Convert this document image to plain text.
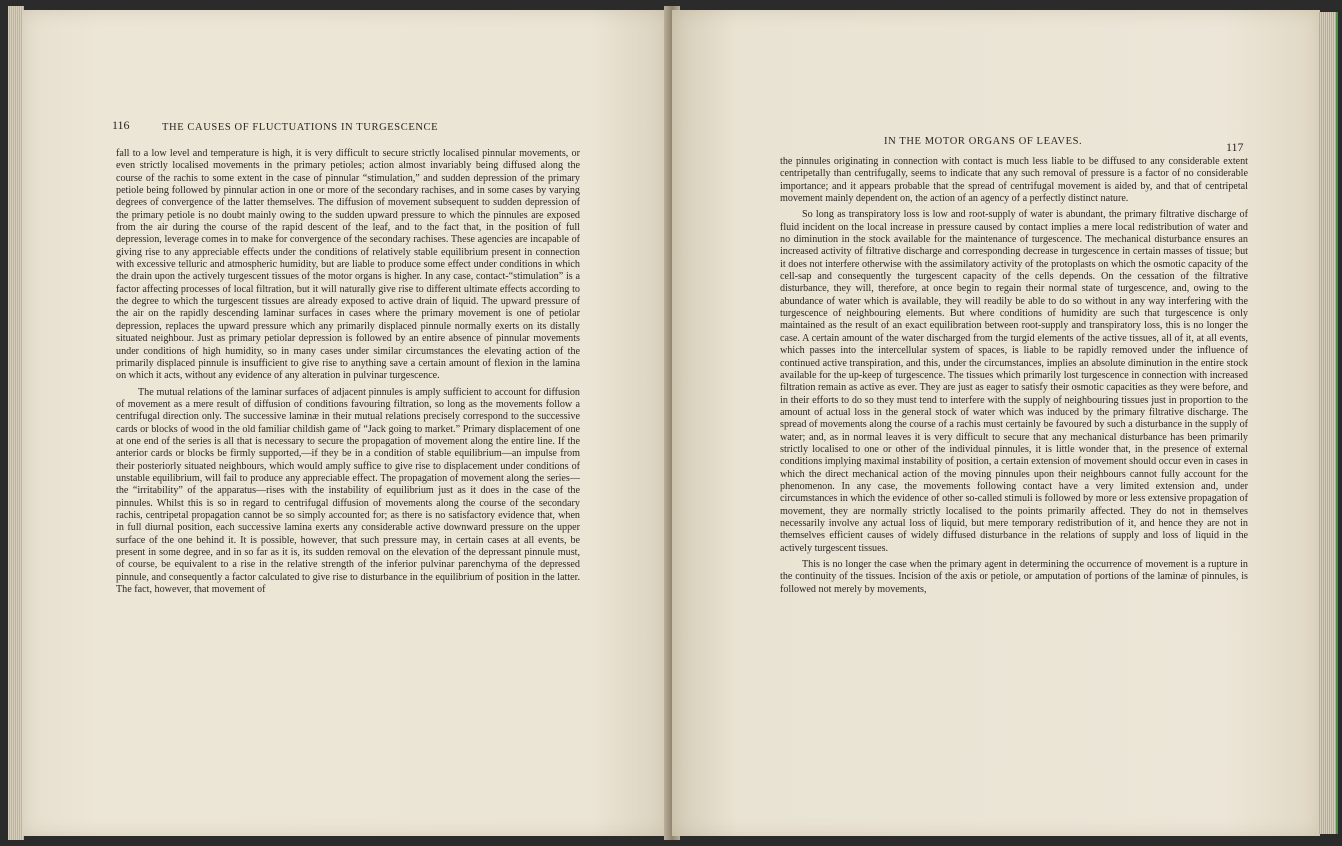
116	THE CAUSES OF FLUCTUATIONS IN TURGESCENCE

fall to a low level and temperature is high, it is very difficult to secure strictly localised pinnular movements, or even strictly localised movements in the primary petioles; action almost invariably being diffused along the course of the rachis to some extent in the case of pinnular “stimulation,” and sudden depression of the primary petiole being followed by pinnular action in one or more of the secondary rachises, and in some cases by varying degrees of convergence of the latter themselves. The diffusion of movement subsequent to sudden depression of the primary petiole is no doubt mainly owing to the sudden upward pressure to which the pinnules are exposed from the air during the course of the rapid descent of the leaf, and to the fact that, in the position of full depression, leverage comes in to make for convergence of the secondary rachises. These agencies are incapable of giving rise to any appreciable effects under the conditions of relatively stable equilibrium present in connection with excessive telluric and atmospheric humidity, but are liable to produce some effect under conditions in which the drain upon the actively turgescent tissues of the motor organs is higher. In any case, contact-“stimulation” is a factor affecting processes of local filtration, but it will naturally give rise to different ultimate effects according to the degree to which the turgescent tissues are already exposed to active drain of liquid. The upward pressure of the air on the rapidly descending laminar surfaces in cases where the primary movement is one of petiolar depression, replaces the upward pressure which any primarily displaced pinnule normally exerts on its distally situated neighbour. Just as primary petiolar depression is followed by an entire absence of pinnular movements under conditions of high humidity, so in many cases under similar circumstances the elevating action of the primarily displaced pinnule is insufficient to give rise to anything save a certain amount of flexion in the lamina on which it acts, without any evidence of any alteration in pulvinar turgescence.

The mutual relations of the laminar surfaces of adjacent pinnules is amply sufficient to account for diffusion of movement as a mere result of diffusion of conditions favouring filtration, so long as the movements follow a centrifugal direction only. The successive laminæ in their mutual relations precisely correspond to the successive cards or blocks of wood in the old familiar childish game of “Jack going to market.” Primary displacement of one at one end of the series is all that is necessary to secure the propagation of movement along the entire line. If the anterior cards or blocks be firmly supported,—if they be in a condition of stable equilibrium—an impulse from their posteriorly situated neighbours, which would amply suffice to give rise to displacement under conditions of unstable equilibrium, will fail to produce any appreciable effect. The propagation of movement along the series—the “irritability” of the apparatus—rises with the instability of equilibrium just as it does in the case of the pinnules. Whilst this is so in regard to centrifugal diffusion of movements along the course of the secondary rachis, centripetal propagation cannot be so simply accounted for; as there is no satisfactory evidence that, when in full diurnal position, each successive lamina exerts any considerable active downward pressure on the upper surface of the one behind it. It is possible, however, that such pressure may, in certain cases at all events, be present in some degree, and in so far as it is, its sudden removal on the elevation of the depressant pinnule must, of course, be equivalent to a rise in the relative strength of the inferior pulvinar parenchyma of the depressed pinnule, and consequently a factor calculated to give rise to disturbance in the equilibrium of position in the latter. The fact, however, that movement of

IN THE MOTOR ORGANS OF LEAVES.	117

the pinnules originating in connection with contact is much less liable to be diffused to any considerable extent centripetally than centrifugally, seems to indicate that any such removal of pressure is a factor of no considerable importance; and it appears probable that the spread of centrifugal movement is aided by, and that of centripetal movement mainly dependent on, the action of an agency of a perfectly distinct nature.

So long as transpiratory loss is low and root-supply of water is abundant, the primary filtrative discharge of fluid incident on the local increase in pressure caused by contact implies a mere local redistribution of water and no diminution in the stock available for the maintenance of turgescence. The mechanical disturbance ensures an increased activity of filtrative discharge and corresponding decrease in turgescence in certain masses of tissue; but it does not interfere otherwise with the assimilatory activity of the protoplasts on which the osmotic capacity of the cell-sap and consequently the turgescent capacity of the cells depends. On the cessation of the filtrative disturbance, they will, therefore, at once begin to regain their normal state of turgescence, and, owing to the abundance of water which is available, they will readily be able to do so without in any way interfering with the turgescence of neighbouring elements. But where conditions of humidity are such that turgescence is only maintained as the result of an exact equilibration between root-supply and transpiratory loss, this is no longer the case. A certain amount of the water discharged from the turgid elements of the active tissues, all of it, at all events, which passes into the intercellular system of spaces, is liable to be rapidly removed under the influence of continued active transpiration, and this, under the circumstances, implies an absolute diminution in the entire stock available for the up-keep of turgescence. The tissues which primarily lost turgescence in connection with increased filtration remain as active as ever. They are just as eager to satisfy their osmotic capacities as they were before, and in their efforts to do so they must tend to interfere with the supply of neighbouring tissues just in proportion to the amount of actual loss in the general stock of water which was induced by the primary filtrative discharge. The spread of movements along the course of a rachis must certainly be favoured by such a disturbance in the supply of water; and, as in normal leaves it is very difficult to secure that any mechanical disturbance has been primarily strictly localised to one or other of the individual pinnules, it is little wonder that, in the presence of external conditions implying maximal instability of position, a certain extension of movement should occur even in cases in which the direct mechanical action of the moving pinnules upon their neighbours cannot fully account for the phenomenon. In any case, the movements following contact have a very limited extension and, under circumstances in which the evidence of other so-called stimuli is followed by more or less extensive propagation of movement, they are normally strictly localised to the points primarily affected. They do not in themselves necessarily involve any actual loss of liquid, but mere temporary redistribution of it, and hence they are not in themselves efficient causes of widely diffused disturbance in the relations of supply and loss of liquid in the actively turgescent tissues.

This is no longer the case when the primary agent in determining the occurrence of movement is a rupture in the continuity of the tissues. Incision of the axis or petiole, or amputation of portions of the laminæ of pinnules, is followed not merely by movements,
